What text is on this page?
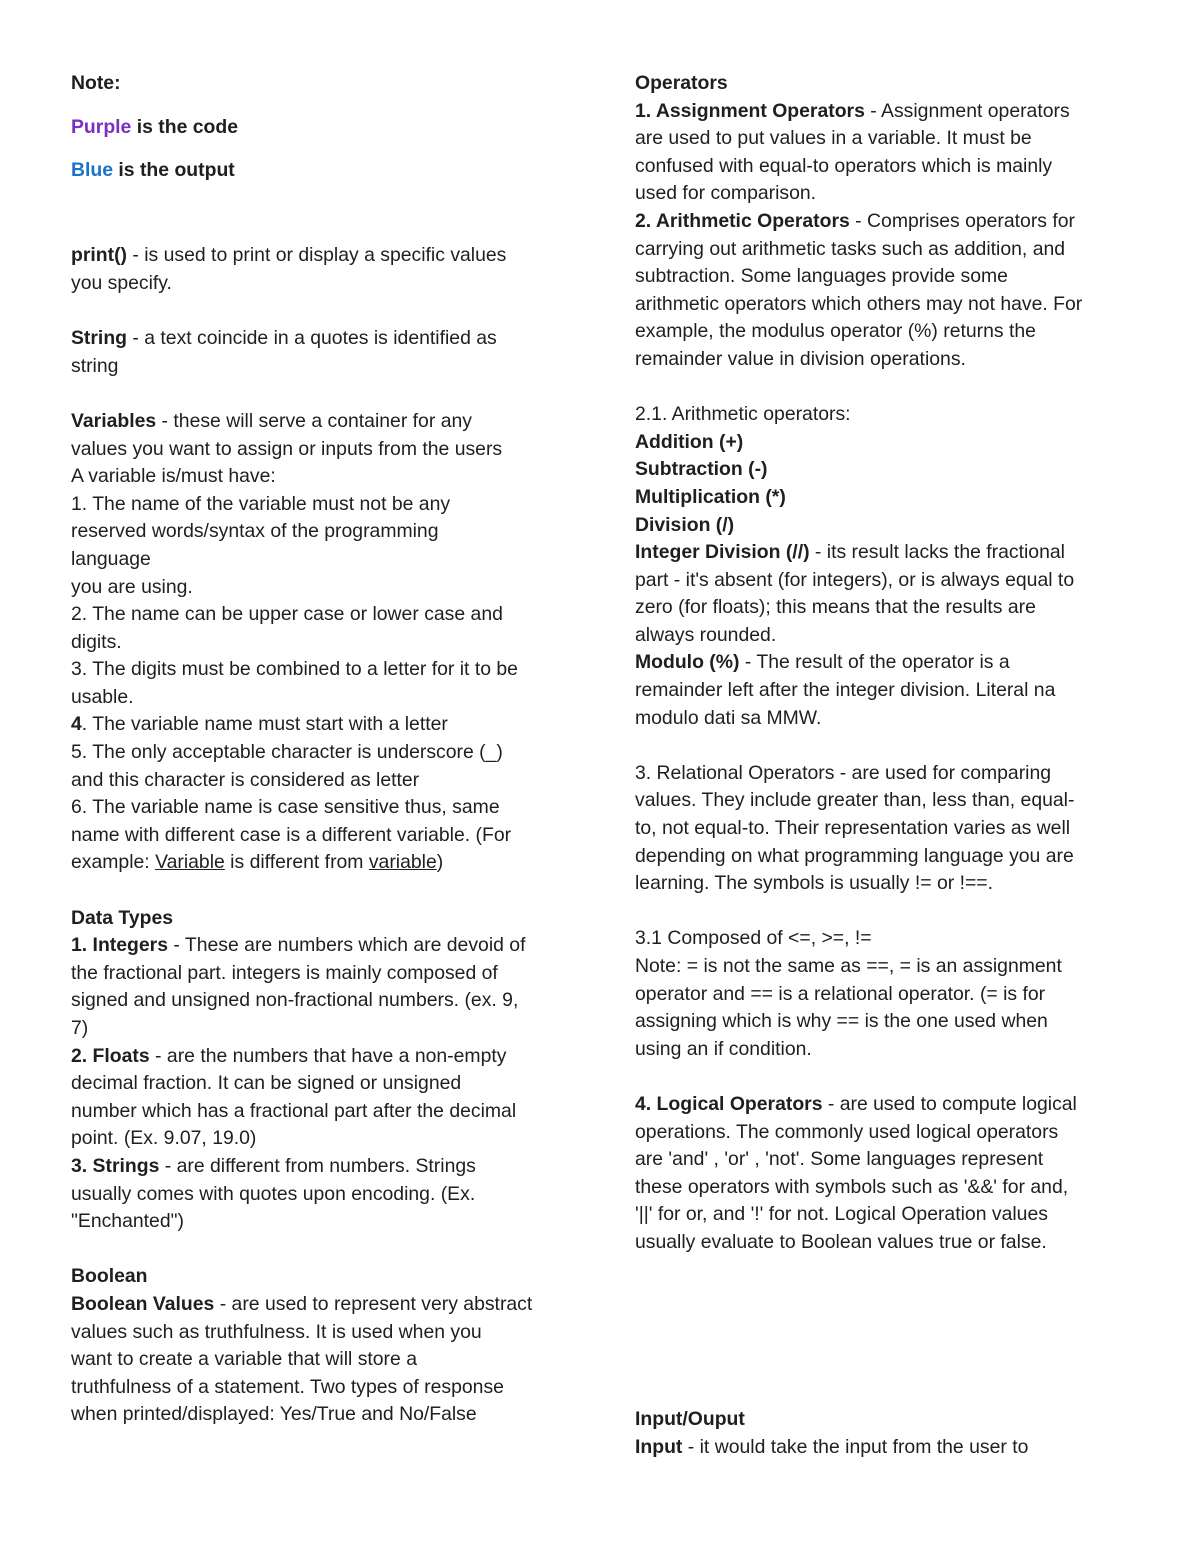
Note:
Purple is the code
Blue is the output
print() - is used to print or display a specific values
you specify.
String - a text coincide in a quotes is identified as
string
Variables - these will serve a container for any
values you want to assign or inputs from the users
A variable is/must have:
1. The name of the variable must not be any
reserved words/syntax of the programming
language
you are using.
2. The name can be upper case or lower case and
digits.
3. The digits must be combined to a letter for it to be
usable.
4. The variable name must start with a letter
5. The only acceptable character is underscore (_)
and this character is considered as letter
6. The variable name is case sensitive thus, same
name with different case is a different variable. (For
example: Variable is different from variable)
Data Types
1. Integers - These are numbers which are devoid of
the fractional part. integers is mainly composed of
signed and unsigned non-fractional numbers. (ex. 9,
7)
2. Floats - are the numbers that have a non-empty
decimal fraction. It can be signed or unsigned
number which has a fractional part after the decimal
point. (Ex. 9.07, 19.0)
3. Strings - are different from numbers. Strings
usually comes with quotes upon encoding. (Ex.
"Enchanted")
Boolean
Boolean Values - are used to represent very abstract
values such as truthfulness. It is used when you
want to create a variable that will store a
truthfulness of a statement. Two types of response
when printed/displayed: Yes/True and No/False
Operators
1. Assignment Operators - Assignment operators
are used to put values in a variable. It must be
confused with equal-to operators which is mainly
used for comparison.
2. Arithmetic Operators - Comprises operators for
carrying out arithmetic tasks such as addition, and
subtraction. Some languages provide some
arithmetic operators which others may not have. For
example, the modulus operator (%) returns the
remainder value in division operations.
2.1. Arithmetic operators:
Addition (+)
Subtraction (-)
Multiplication (*)
Division (/)
Integer Division (//) - its result lacks the fractional
part - it's absent (for integers), or is always equal to
zero (for floats); this means that the results are
always rounded.
Modulo (%) - The result of the operator is a
remainder left after the integer division. Literal na
modulo dati sa MMW.
3. Relational Operators - are used for comparing
values. They include greater than, less than, equal-
to, not equal-to. Their representation varies as well
depending on what programming language you are
learning. The symbols is usually != or !==.
3.1 Composed of <=, >=, !=
Note: = is not the same as ==, = is an assignment
operator and == is a relational operator. (= is for
assigning which is why == is the one used when
using an if condition.
4. Logical Operators - are used to compute logical
operations. The commonly used logical operators
are 'and' , 'or' , 'not'. Some languages represent
these operators with symbols such as '&&' for and,
'||' for or, and '!' for not. Logical Operation values
usually evaluate to Boolean values true or false.
Input/Ouput
Input - it would take the input from the user to
